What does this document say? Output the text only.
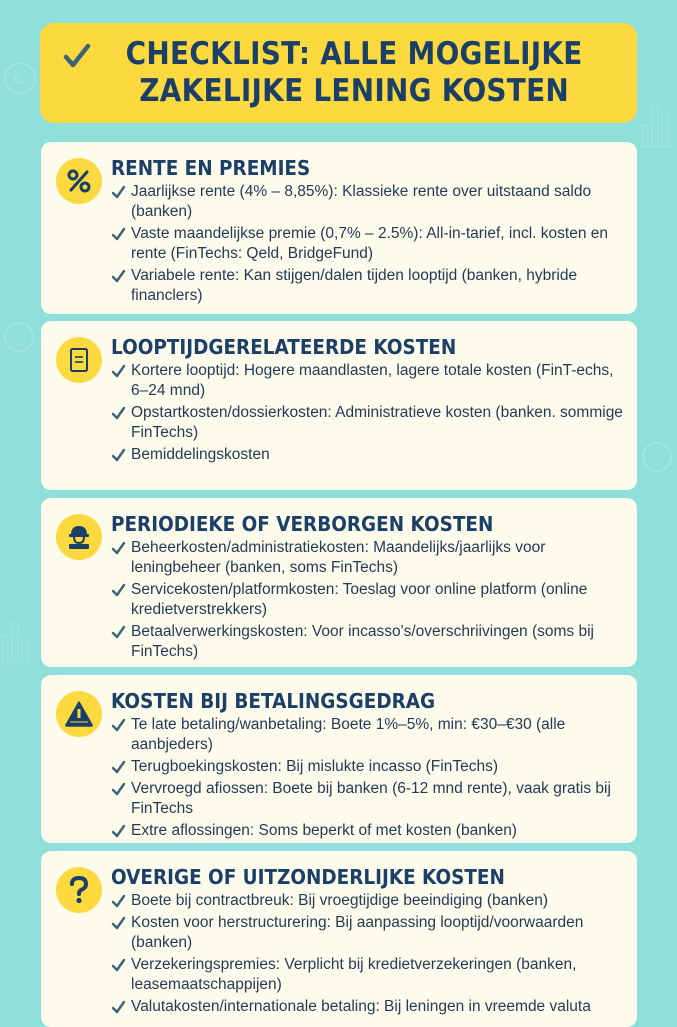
€
CHECKLIST: ALLE MOGELIJKE
ZAKELIJKE LENING KOSTEN
RENTE EN PREMIES
Jaarlijkse rente (4% – 8,85%): Klassieke rente over uitstaand saldo (banken)
Vaste maandelijkse premie (0,7% – 2.5%): All-in-tarief, incl. kosten en rente (FinTechs: Qeld, BridgeFund)
Variabele rente: Kan stijgen/dalen tijden looptijd (banken, hybride financlers)
LOOPTIJDGERELATEERDE KOSTEN
Kortere looptijd: Hogere maandlasten, lagere totale kosten (FinT-echs, 6–24 mnd)
Opstartkosten/dossierkosten: Administratieve kosten (banken. sommige FinTechs)
Bemiddelingskosten
PERIODIEKE OF VERBORGEN KOSTEN
Beheerkosten/administratiekosten: Maandelijks/jaarlijks voor leningbeheer (banken, soms FinTechs)
Servicekosten/platformkosten: Toeslag voor online platform (online kredietverstrekkers)
Betaalverwerkingskosten: Voor incasso's/overschriivingen (soms bij FinTechs)
KOSTEN BIJ BETALINGSGEDRAG
Te late betaling/wanbetaling: Boete 1%–5%, min: €30–€30 (alle aanbjeders)
Terugboekingskosten: Bij mislukte incasso (FinTechs)
Vervroegd afiossen: Boete bij banken (6-12 mnd rente), vaak gratis bij FinTechs
Extre aflossingen: Soms beperkt of met kosten (banken)
OVERIGE OF UITZONDERLIJKE KOSTEN
Boete bij contractbreuk: Bij vroegtijdige beeindiging (banken)
Kosten voor herstructurering: Bij aanpassing looptijd/voorwaarden (banken)
Verzekeringspremies: Verplicht bij kredietverzekeringen (banken, leasemaatschappijen)
Valutakosten/internationale betaling: Bij leningen in vreemde valuta
